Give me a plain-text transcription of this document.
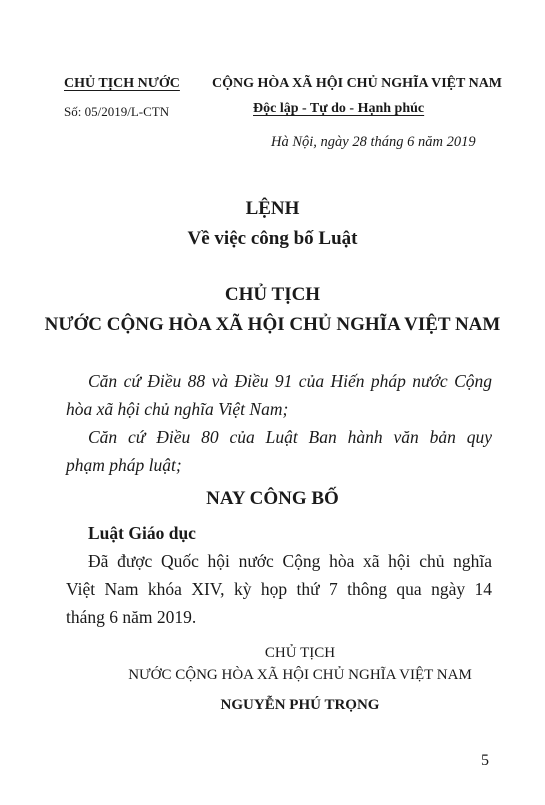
CHỦ TỊCH NƯỚC
Số: 05/2019/L-CTN
CỘNG HÒA XÃ HỘI CHỦ NGHĨA VIỆT NAM
Độc lập - Tự do - Hạnh phúc
Hà Nội, ngày 28 tháng 6 năm 2019
LỆNH
Về việc công bố Luật
CHỦ TỊCH
NƯỚC CỘNG HÒA XÃ HỘI CHỦ NGHĨA VIỆT NAM
Căn cứ Điều 88 và Điều 91 của Hiến pháp nước Cộng
hòa xã hội chủ nghĩa Việt Nam;
Căn cứ Điều 80 của Luật Ban hành văn bản quy
phạm pháp luật;
NAY CÔNG BỐ
Luật Giáo dục
Đã được Quốc hội nước Cộng hòa xã hội chủ nghĩa
Việt Nam khóa XIV, kỳ họp thứ 7 thông qua ngày 14
tháng 6 năm 2019.
CHỦ TỊCH
NƯỚC CỘNG HÒA XÃ HỘI CHỦ NGHĨA VIỆT NAM
NGUYỄN PHÚ TRỌNG
5
